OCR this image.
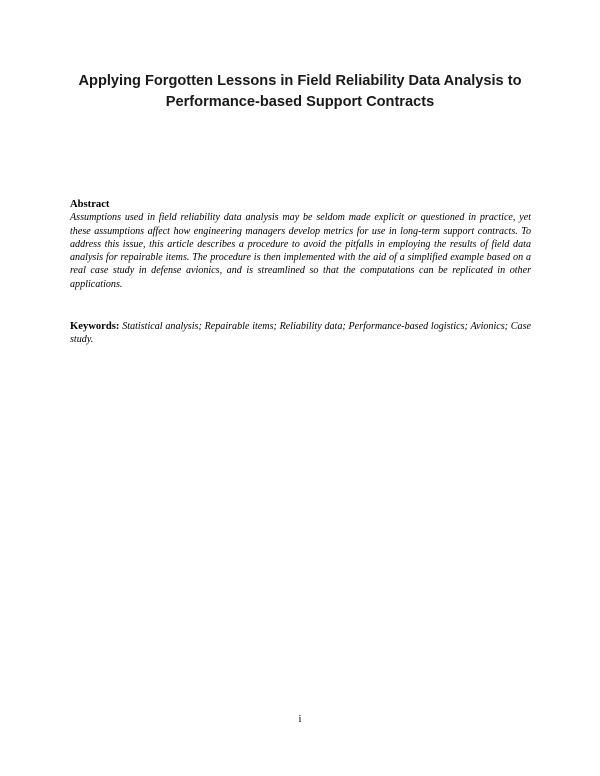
Applying Forgotten Lessons in Field Reliability Data Analysis to
Performance-based Support Contracts
Abstract

Assumptions used in field reliability data analysis may be seldom made explicit or questioned in practice, yet these assumptions affect how engineering managers develop metrics for use in long-term support contracts. To address this issue, this article describes a procedure to avoid the pitfalls in employing the results of field data analysis for repairable items. The procedure is then implemented with the aid of a simplified example based on a real case study in defense avionics, and is streamlined so that the computations can be replicated in other applications.

Keywords: Statistical analysis; Repairable items; Reliability data; Performance-based logistics; Avionics; Case study.
i
